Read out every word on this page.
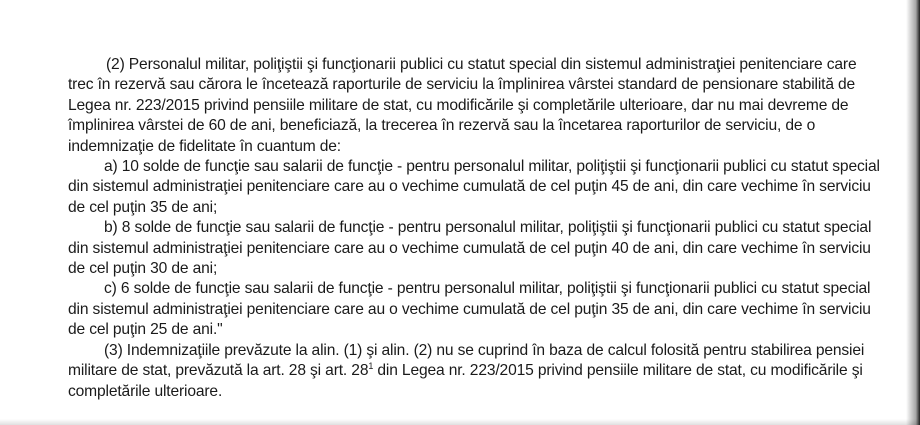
(2) Personalul militar, poliţiştii şi funcţionarii publici cu statut special din sistemul administraţiei penitenciare care trec în rezervă sau cărora le încetează raporturile de serviciu la împlinirea vârstei standard de pensionare stabilită de Legea nr. 223/2015 privind pensiile militare de stat, cu modificările şi completările ulterioare, dar nu mai devreme de împlinirea vârstei de 60 de ani, beneficiază, la trecerea în rezervă sau la încetarea raporturilor de serviciu, de o indemnizaţie de fidelitate în cuantum de:

a) 10 solde de funcţie sau salarii de funcţie - pentru personalul militar, poliţiştii şi funcţionarii publici cu statut special din sistemul administraţiei penitenciare care au o vechime cumulată de cel puţin 45 de ani, din care vechime în serviciu de cel puţin 35 de ani;

b) 8 solde de funcţie sau salarii de funcţie - pentru personalul militar, poliţiştii şi funcţionarii publici cu statut special din sistemul administraţiei penitenciare care au o vechime cumulată de cel puţin 40 de ani, din care vechime în serviciu de cel puţin 30 de ani;

c) 6 solde de funcţie sau salarii de funcţie - pentru personalul militar, poliţiştii şi funcţionarii publici cu statut special din sistemul administraţiei penitenciare care au o vechime cumulată de cel puţin 35 de ani, din care vechime în serviciu de cel puţin 25 de ani."

(3) Indemnizaţiile prevăzute la alin. (1) şi alin. (2) nu se cuprind în baza de calcul folosită pentru stabilirea pensiei militare de stat, prevăzută la art. 28 şi art. $28^1$ din Legea nr. 223/2015 privind pensiile militare de stat, cu modificările şi completările ulterioare.
